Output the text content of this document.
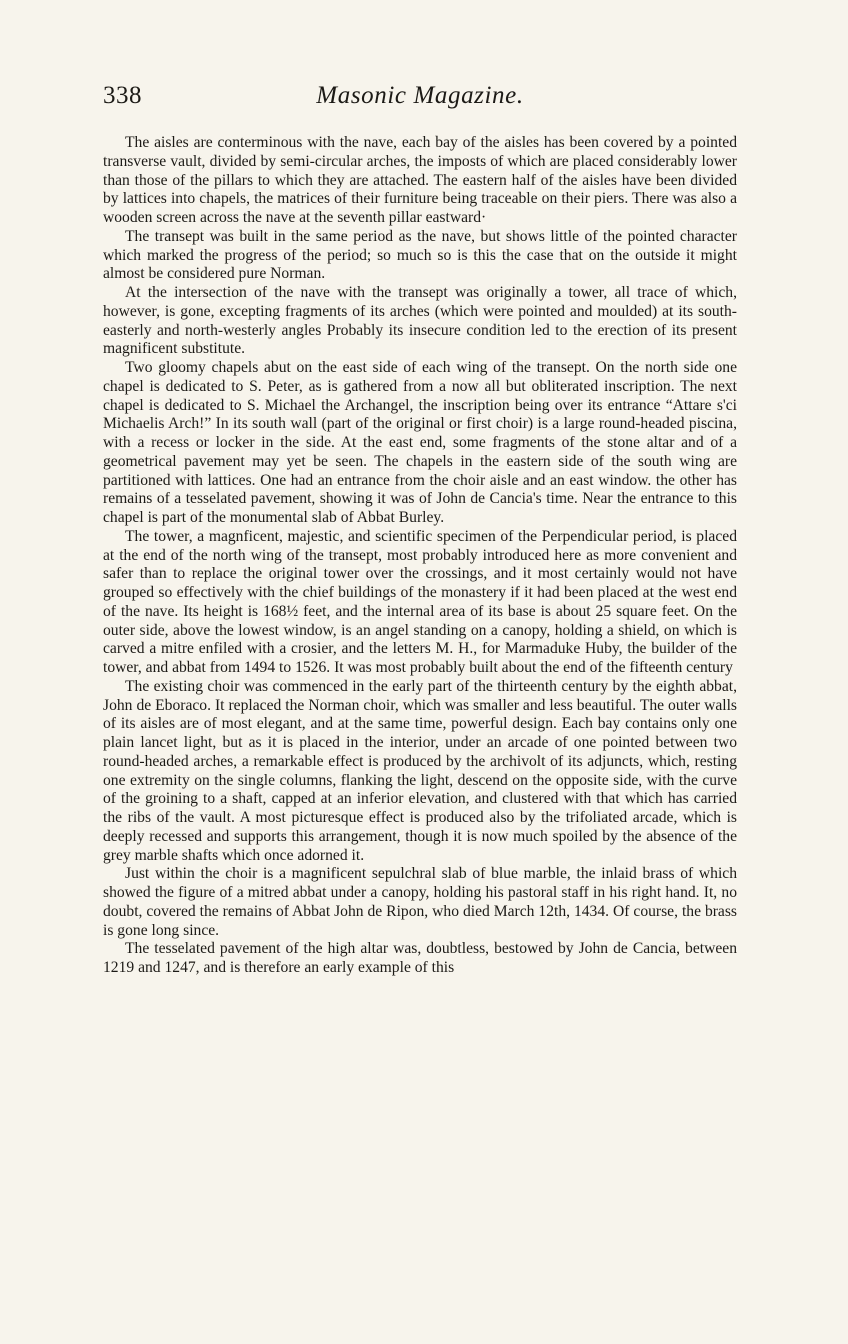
338	Masonic Magazine.

The aisles are conterminous with the nave, each bay of the aisles has been covered by a pointed transverse vault, divided by semi-circular arches, the imposts of which are placed considerably lower than those of the pillars to which they are attached. The eastern half of the aisles have been divided by lattices into chapels, the matrices of their furniture being traceable on their piers. There was also a wooden screen across the nave at the seventh pillar eastward·

The transept was built in the same period as the nave, but shows little of the pointed character which marked the progress of the period; so much so is this the case that on the outside it might almost be considered pure Norman.

At the intersection of the nave with the transept was originally a tower, all trace of which, however, is gone, excepting fragments of its arches (which were pointed and moulded) at its south-easterly and north-westerly angles Probably its insecure condition led to the erection of its present magnificent substitute.

Two gloomy chapels abut on the east side of each wing of the transept. On the north side one chapel is dedicated to S. Peter, as is gathered from a now all but obliterated inscription. The next chapel is dedicated to S. Michael the Archangel, the inscription being over its entrance “Attare s'ci Michaelis Arch!” In its south wall (part of the original or first choir) is a large round-headed piscina, with a recess or locker in the side. At the east end, some fragments of the stone altar and of a geometrical pavement may yet be seen. The chapels in the eastern side of the south wing are partitioned with lattices. One had an entrance from the choir aisle and an east window. the other has remains of a tesselated pavement, showing it was of John de Cancia's time. Near the entrance to this chapel is part of the monumental slab of Abbat Burley.

The tower, a magnficent, majestic, and scientific specimen of the Perpendicular period, is placed at the end of the north wing of the transept, most probably introduced here as more convenient and safer than to replace the original tower over the crossings, and it most certainly would not have grouped so effectively with the chief buildings of the monastery if it had been placed at the west end of the nave. Its height is 168½ feet, and the internal area of its base is about 25 square feet. On the outer side, above the lowest window, is an angel standing on a canopy, holding a shield, on which is carved a mitre enfiled with a crosier, and the letters M. H., for Marmaduke Huby, the builder of the tower, and abbat from 1494 to 1526. It was most probably built about the end of the fifteenth century

The existing choir was commenced in the early part of the thirteenth century by the eighth abbat, John de Eboraco. It replaced the Norman choir, which was smaller and less beautiful. The outer walls of its aisles are of most elegant, and at the same time, powerful design. Each bay contains only one plain lancet light, but as it is placed in the interior, under an arcade of one pointed between two round-headed arches, a remarkable effect is produced by the archivolt of its adjuncts, which, resting one extremity on the single columns, flanking the light, descend on the opposite side, with the curve of the groining to a shaft, capped at an inferior elevation, and clustered with that which has carried the ribs of the vault. A most picturesque effect is produced also by the trifoliated arcade, which is deeply recessed and supports this arrangement, though it is now much spoiled by the absence of the grey marble shafts which once adorned it.

Just within the choir is a magnificent sepulchral slab of blue marble, the inlaid brass of which showed the figure of a mitred abbat under a canopy, holding his pastoral staff in his right hand. It, no doubt, covered the remains of Abbat John de Ripon, who died March 12th, 1434. Of course, the brass is gone long since.

The tesselated pavement of the high altar was, doubtless, bestowed by John de Cancia, between 1219 and 1247, and is therefore an early example of this
